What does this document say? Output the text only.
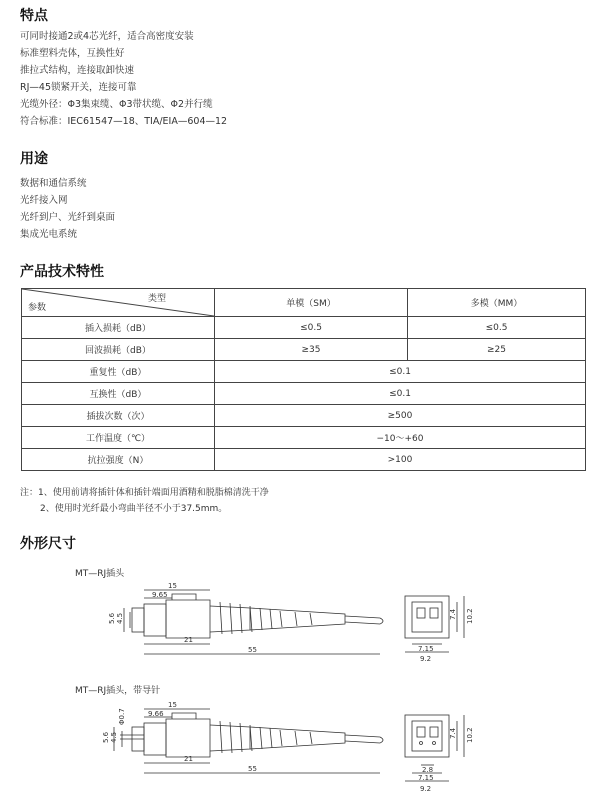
特点
可同时接通2或4芯光纤，适合高密度安装
标准塑料壳体，互换性好
推拉式结构，连接取卸快速
RJ—45锁紧开关，连接可靠
光缆外径：Φ3集束缆、Φ3带状缆、Φ2并行缆
符合标准：IEC61547—18、TIA/EIA—604—12
用途
数据和通信系统
光纤接入网
光纤到户、光纤到桌面
集成光电系统
产品技术特性
类型
参数	单模（SM）	多模（MM）
插入损耗（dB）	≤0.5	≤0.5
回波损耗（dB）	≥35	≥25
重复性（dB）	≤0.1	
互换性（dB）	≤0.1	
插拔次数（次）	≥500	
工作温度（℃）	−10～+60	
抗拉强度（N）	>100	
注：1、使用前请将插针体和插针端面用酒精和脱脂棉清洗干净
2、使用时光纤最小弯曲半径不小于37.5mm。
外形尺寸
MT—RJ插头
15
9.65
21
55
5.6 4.5	7.4 10.2
7.15
9.2
MT—RJ插头，带导针
Φ0.7
15
9.66
21
55
5.6 4.5	7.4 10.2
2.8
7.15
9.2
